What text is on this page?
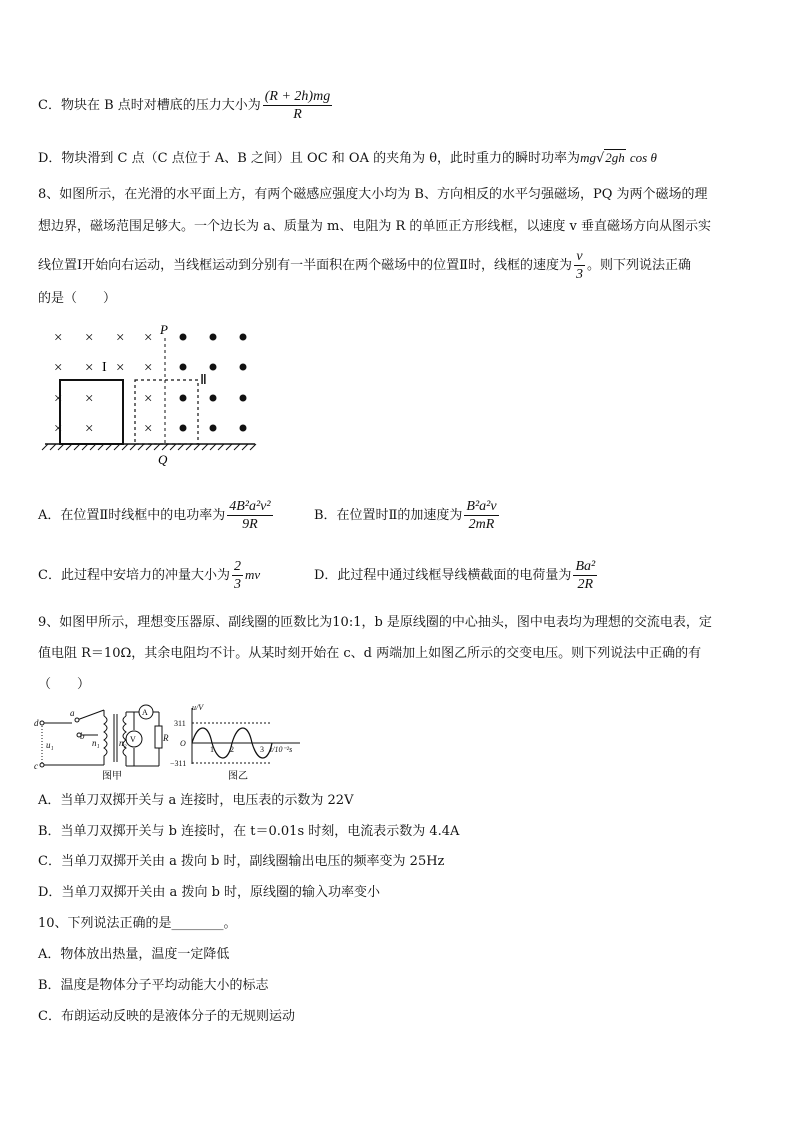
C．物块在 B 点时对槽底的压力大小为 $\frac{(R + 2h)mg}{R}$
D．物块滑到 C 点（C 点位于 A、B 之间）且 OC 和 OA 的夹角为 θ，此时重力的瞬时功率为mg√2gh cos θ
8、如图所示，在光滑的水平面上方，有两个磁感应强度大小均为 B、方向相反的水平匀强磁场，PQ 为两个磁场的理
想边界，磁场范围足够大。一个边长为 a、质量为 m、电阻为 R 的单匝正方形线框，以速度 v 垂直磁场方向从图示实
线位置Ⅰ开始向右运动，当线框运动到分别有一半面积在两个磁场中的位置Ⅱ时，线框的速度为 $\frac{v}{3}$ 。则下列说法正确
的是（　　）
× × × ×
× × × ×
× ×	×
× ×	×
P
Q
I
Ⅱ
A．在位置Ⅱ时线框中的电功率为 $\frac{\text{4B²a²v²}}{9R}$	B．在位置时Ⅱ的加速度为 $\frac{\text{B²a²v}}{2mR}$
C．此过程中安培力的冲量大小为 $\frac{2}{3}$ mv	D．此过程中通过线框导线横截面的电荷量为 $\frac{\text{Ba²}}{2R}$
9、如图甲所示，理想变压器原、副线圈的匝数比为10:1，b 是原线圈的中心抽头，图中电表均为理想的交流电表，定
值电阻 R＝10Ω，其余电阻均不计。从某时刻开始在 c、d 两端加上如图乙所示的交变电压。则下列说法中正确的有
（　　）
d
c
a
b
u₁	n₁ n₂	R
A
V
图甲
u/V
311
O
−311
1 2	3 t/10⁻²s
图乙
A．当单刀双掷开关与 a 连接时，电压表的示数为 22V
B．当单刀双掷开关与 b 连接时，在 t＝0.01s 时刻，电流表示数为 4.4A
C．当单刀双掷开关由 a 拨向 b 时，副线圈输出电压的频率变为 25Hz
D．当单刀双掷开关由 a 拨向 b 时，原线圈的输入功率变小
10、下列说法正确的是________。
A．物体放出热量，温度一定降低
B．温度是物体分子平均动能大小的标志
C．布朗运动反映的是液体分子的无规则运动
